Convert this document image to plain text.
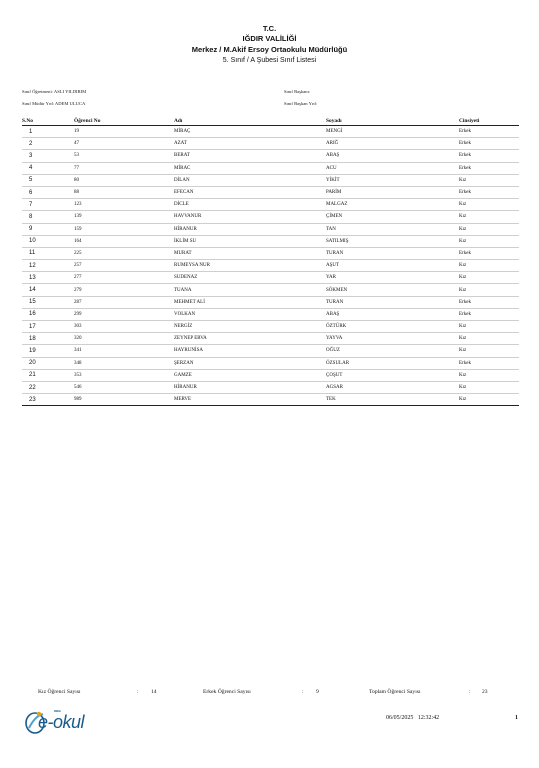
T.C.
IĞDIR VALİLİĞİ
Merkez / M.Akif Ersoy Ortaokulu Müdürlüğü
5. Sınıf / A Şubesi Sınıf Listesi
Sınıf Öğretmeni: ASLI YILDIRIM	Sınıf Başkanı:
Sınıf Müdür Yrd: ADEM ULUCA	Sınıf Başkan Yrd:
S.No	Öğrenci No	Adı	Soyadı	Cinsiyeti
1	19	MİRAÇ	MENGİ	Erkek
2	47	AZAT	ARIĞ	Erkek
3	53	BERAT	ABAŞ	Erkek
4	77	MİRAC	ACU	Erkek
5	80	DİLAN	YİKİT	Kız
6	88	EFECAN	PARİM	Erkek
7	123	DİCLE	MALGAZ	Kız
8	139	HAVVANUR	ÇİMEN	Kız
9	159	HİRANUR	TAN	Kız
10	164	İKLİM SU	SATILMIŞ	Kız
11	225	MURAT	TURAN	Erkek
12	257	RUMEYSA NUR	AŞUT	Kız
13	277	SUDENAZ	YAR	Kız
14	279	TUANA	SÖKMEN	Kız
15	287	MEHMET ALİ	TURAN	Erkek
16	299	VOLKAN	ABAŞ	Erkek
17	303	NERGİZ	ÖZTÜRK	Kız
18	320	ZEYNEP ERVA	YAYVA	Kız
19	341	HAYRUNİSA	OĞUZ	Kız
20	348	ŞERZAN	ÖZSULAR	Erkek
21	353	GAMZE	ÇOŞUT	Kız
22	546	HİRANUR	AGSAR	Kız
23	989	MERVE	TEK	Kız
Kız Öğrenci Sayısı	: 14	Erkek Öğrenci Sayısı	: 9	Toplam Öğrenci Sayısı	: 23
MEB
e-okul	06/05/2025 12:32:42	1
